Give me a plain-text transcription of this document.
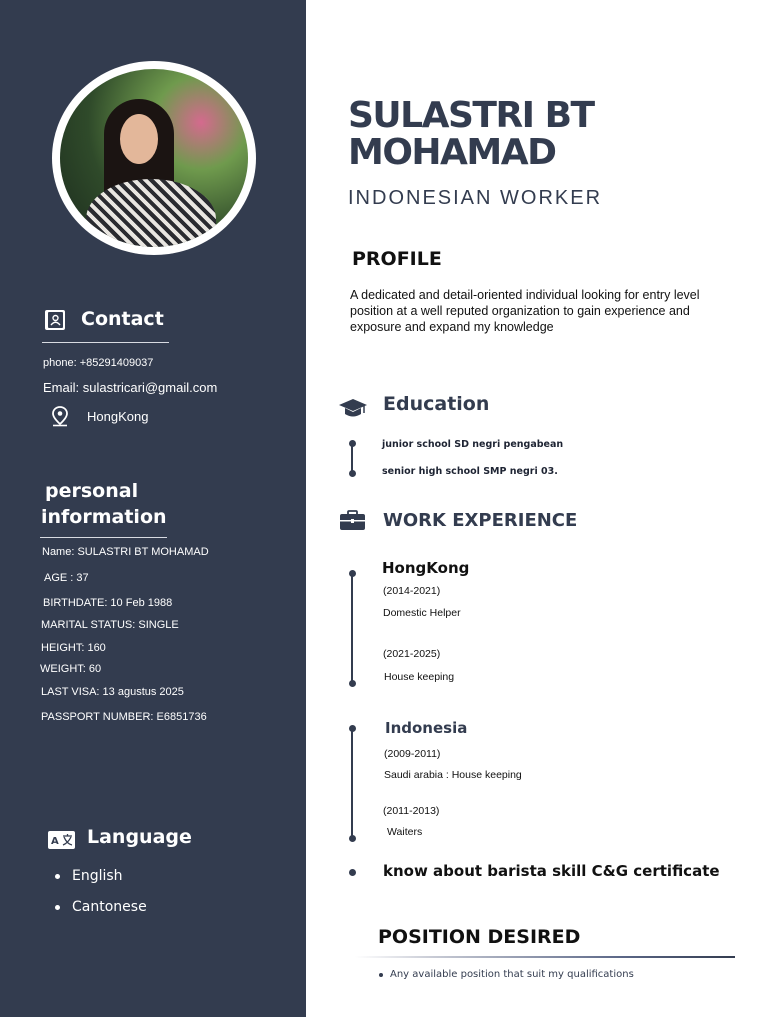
Contact
phone: +85291409037
Email: sulastricari@gmail.com
HongKong
personal
information
Name: SULASTRI BT MOHAMAD
AGE : 37
BIRTHDATE: 10 Feb 1988
MARITAL STATUS: SINGLE
HEIGHT: 160
WEIGHT: 60
LAST VISA: 13 agustus 2025
PASSPORT NUMBER: E6851736
A Language
English
Cantonese
SULASTRI BT MOHAMAD
INDONESIAN WORKER
PROFILE
A dedicated and detail-oriented individual looking for entry level position at a well reputed organization to gain experience and exposure and expand my knowledge
Education
junior school SD negri pengabean
senior high school SMP negri 03.
WORK EXPERIENCE
HongKong
(2014-2021)
Domestic Helper
(2021-2025)
House keeping
Indonesia
(2009-2011)
Saudi arabia : House keeping
(2011-2013)
Waiters
know about barista skill C&G certificate
POSITION DESIRED
Any available position that suit my qualifications
